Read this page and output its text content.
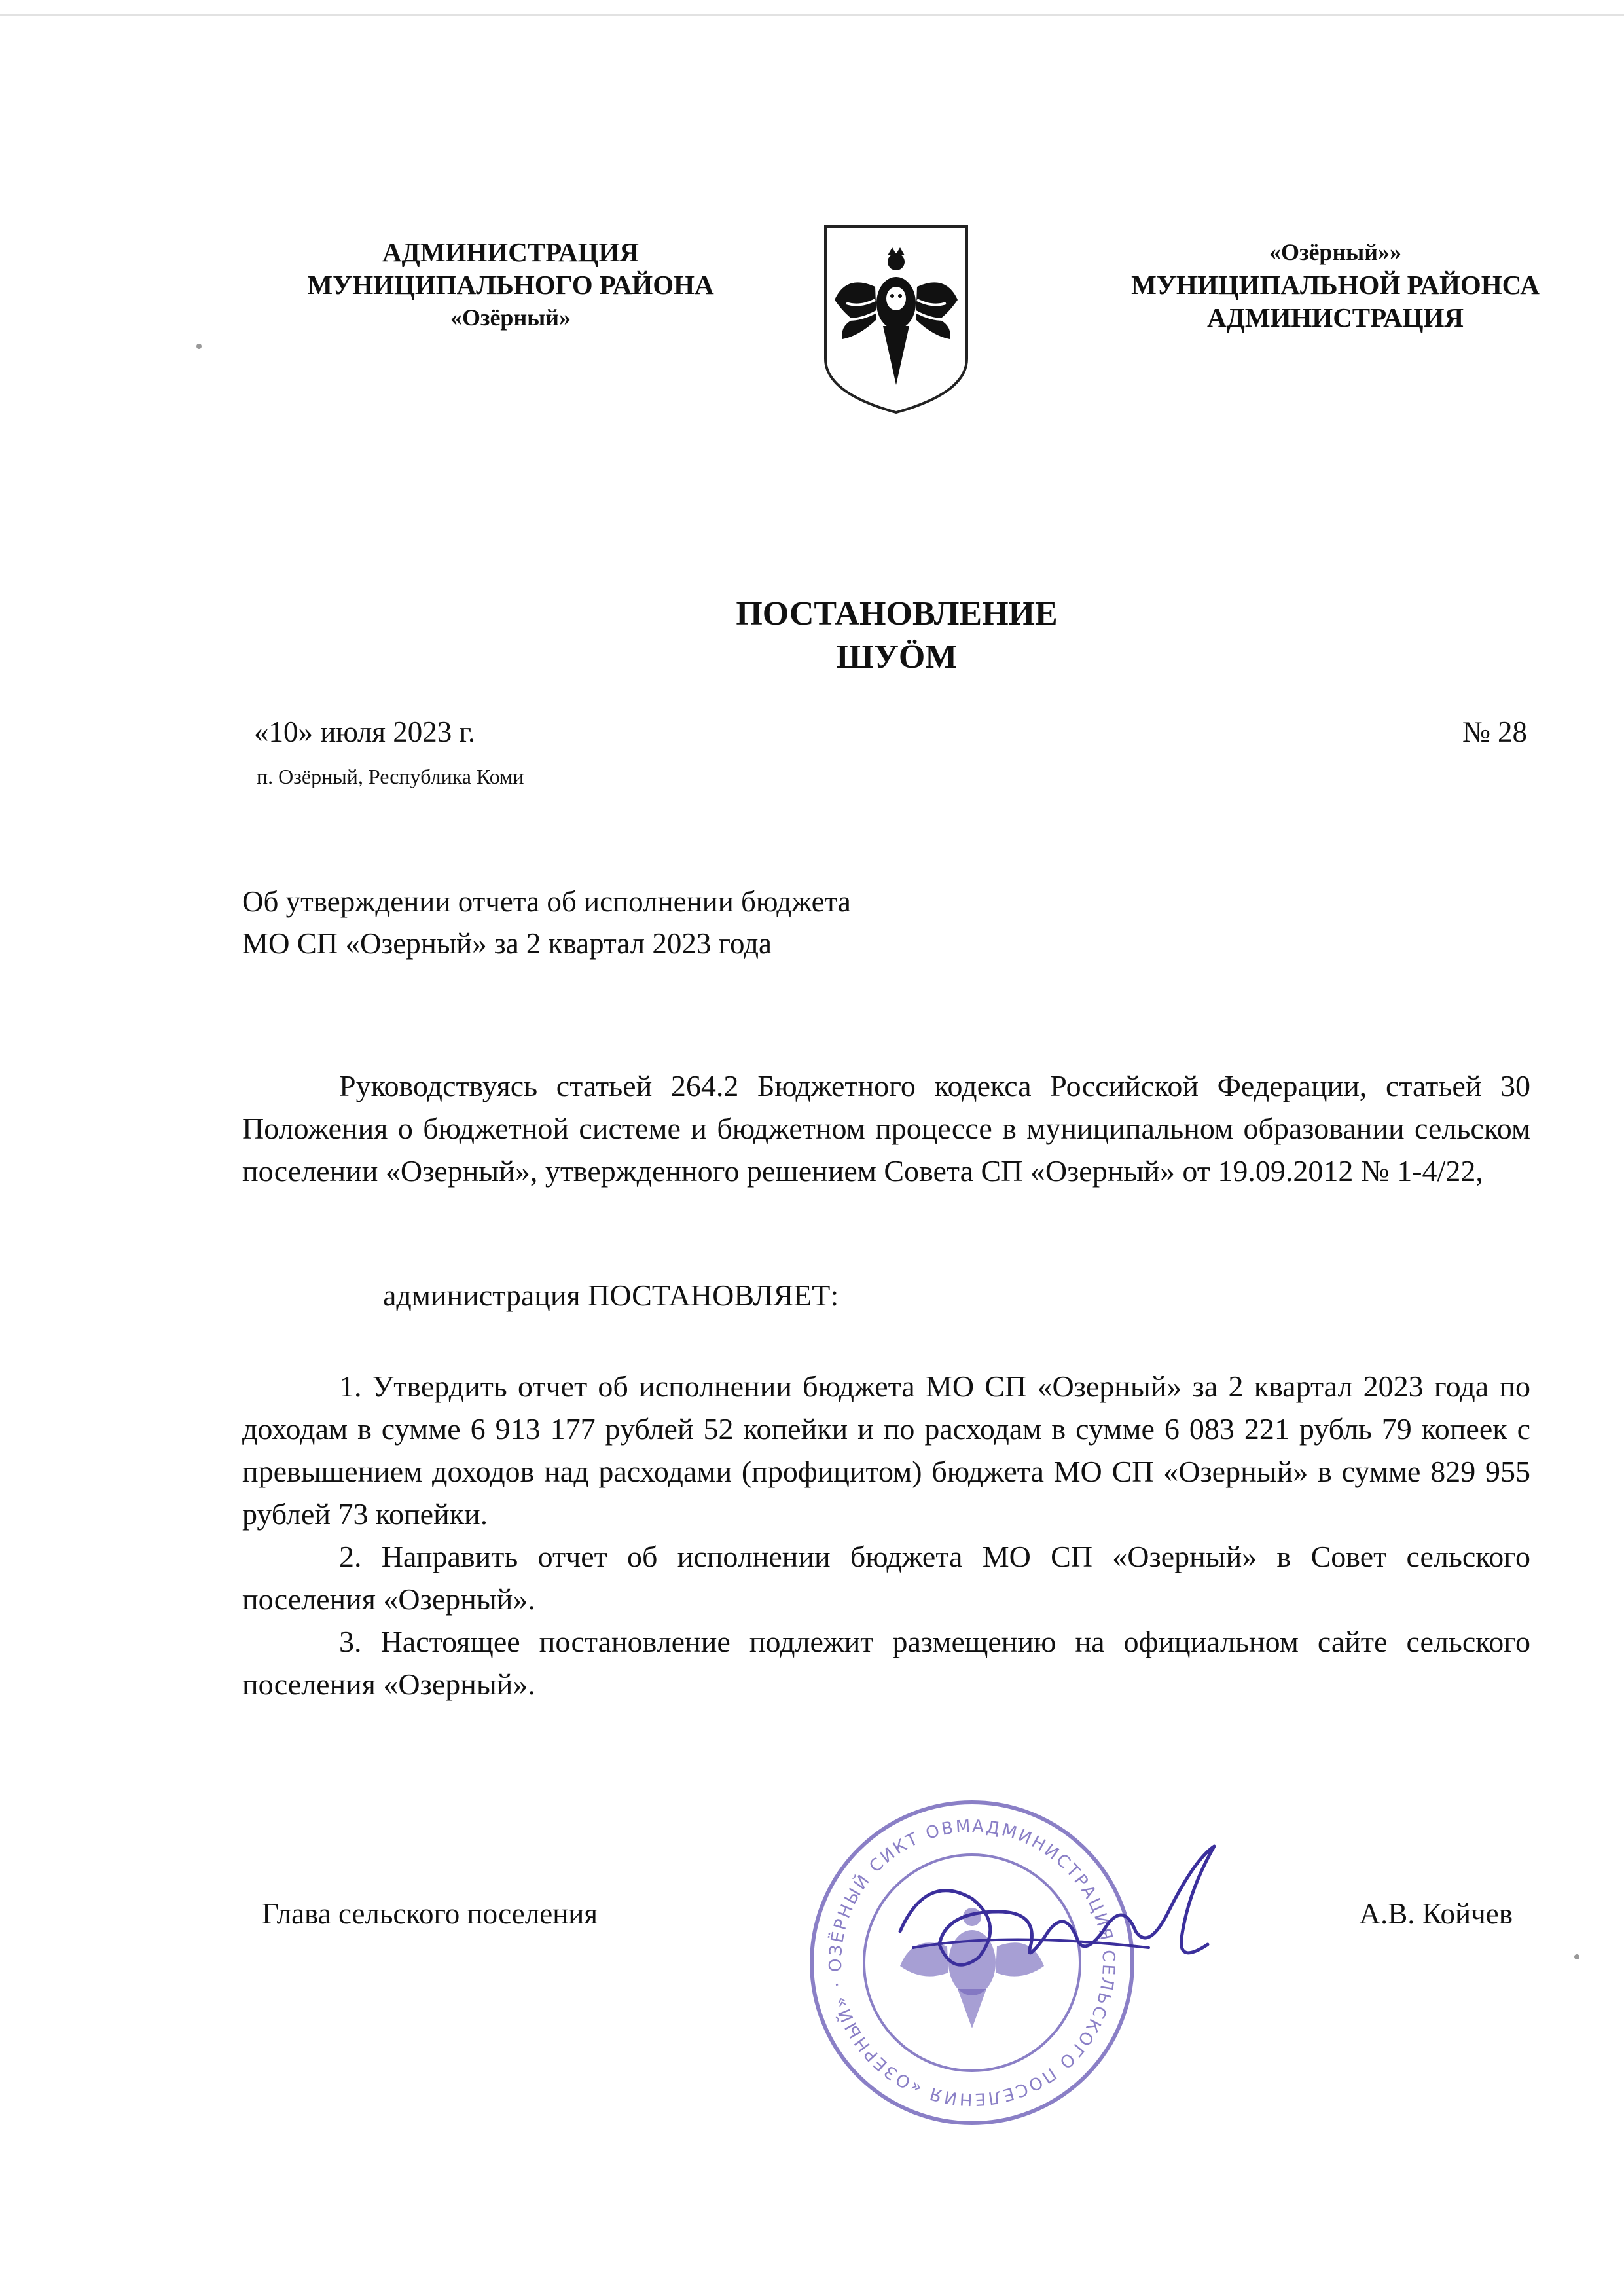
АДМИНИСТРАЦИЯ
МУНИЦИПАЛЬНОГО РАЙОНА
«Озёрный»
«Озёрный»»
МУНИЦИПАЛЬНОЙ РАЙОНСА
АДМИНИСТРАЦИЯ
ПОСТАНОВЛЕНИЕ
ШУÖМ
«10» июля 2023 г.
п. Озёрный, Республика Коми
№ 28
Об утверждении отчета об исполнении бюджета
МО СП «Озерный» за 2 квартал 2023 года

Руководствуясь статьей 264.2 Бюджетного кодекса Российской Федерации, статьей 30 Положения о бюджетной системе и бюджетном процессе в муниципальном образовании сельском поселении «Озерный», утвержденного решением Совета СП «Озерный» от 19.09.2012 № 1-4/22,

администрация ПОСТАНОВЛЯЕТ:

1. Утвердить отчет об исполнении бюджета МО СП «Озерный» за 2 квартал 2023 года по доходам в сумме 6 913 177 рублей 52 копейки и по расходам в сумме 6 083 221 рубль 79 копеек с превышением доходов над расходами (профицитом) бюджета МО СП «Озерный» в сумме 829 955 рублей 73 копейки.

2. Направить отчет об исполнении бюджета МО СП «Озерный» в Совет сельского поселения «Озерный».

3. Настоящее постановление подлежит размещению на официальном сайте сельского поселения «Озерный».

Глава сельского поселения
АДМИНИСТРАЦИЯ СЕЛЬСКОГО ПОСЕЛЕНИЯ «ОЗЕРНЫЙ» · ОЗЁРНЫЙ СИКТ ОВМ
А.В. Койчев
